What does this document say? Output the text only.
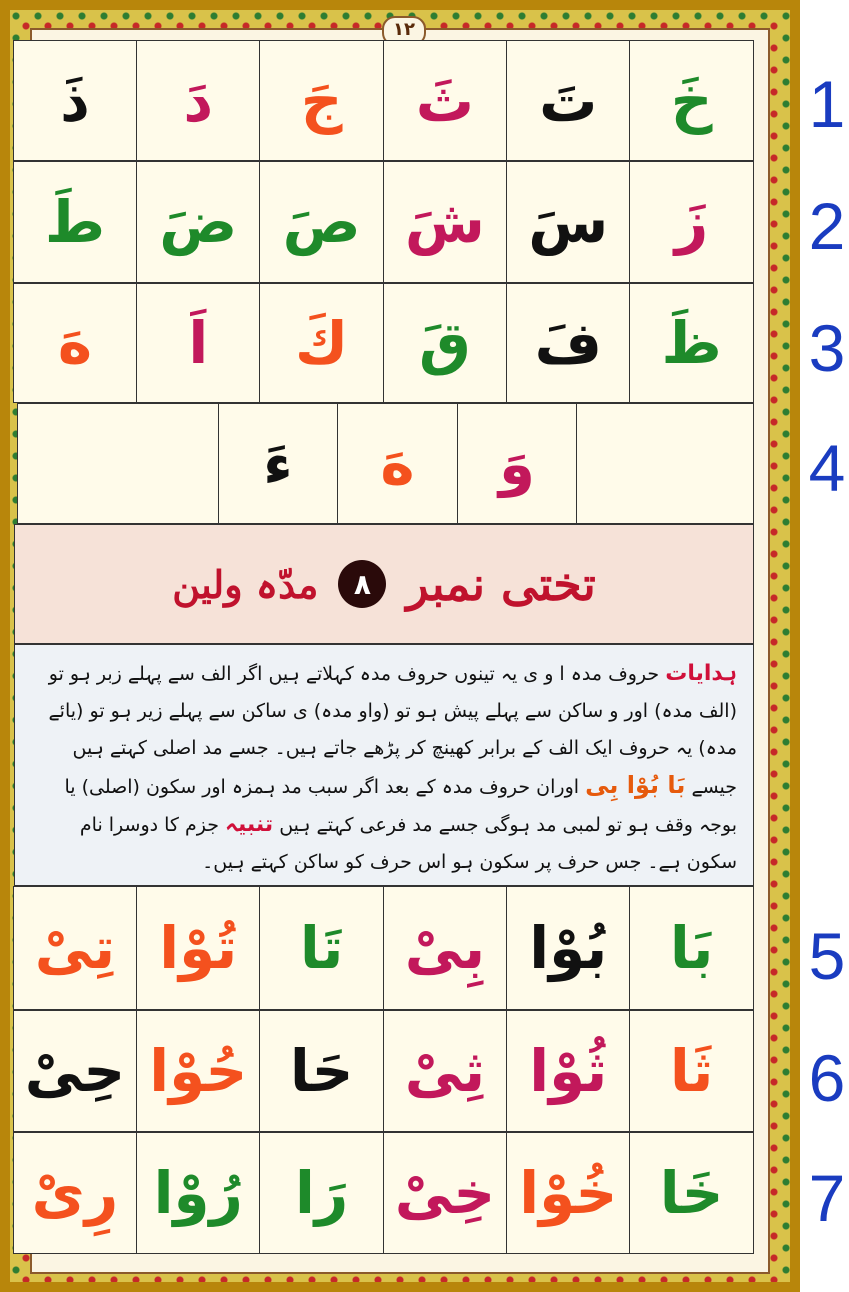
۱۲
خَ
تَ
ثَ
جَ
دَ
ذَ
زَ
سَ
شَ
صَ
ضَ
طَ
ظَ
فَ
قَ
كَ
اَ
هَ
وَ
هَ
ءَ
تختی نمبر
۸
مدّہ ولین
ہدایات حروف مدہ ا و ی یہ تینوں حروف مدہ کہلاتے ہیں اگر الف سے پہلے زبر ہو تو (الف مدہ) اور و ساکن سے پہلے پیش ہو تو (واو مدہ) ی ساکن سے پہلے زیر ہو تو (یائے مدہ) یہ حروف ایک الف کے برابر کھینچ کر پڑھے جاتے ہیں۔ جسے مد اصلی کہتے ہیں جیسے بَا بُوْا بِی اوران حروف مدہ کے بعد اگر سبب مد ہمزہ اور سکون (اصلی) یا بوجہ وقف ہو تو لمبی مد ہوگی جسے مد فرعی کہتے ہیں تنبیہ جزم کا دوسرا نام سکون ہے۔ جس حرف پر سکون ہو اس حرف کو ساکن کہتے ہیں۔
بَا
بُوْا
بِیْ
تَا
تُوْا
تِیْ
ثَا
ثُوْا
ثِیْ
حَا
حُوْا
حِیْ
خَا
خُوْا
خِیْ
رَا
رُوْا
رِیْ
1
2
3
4
5
6
7
